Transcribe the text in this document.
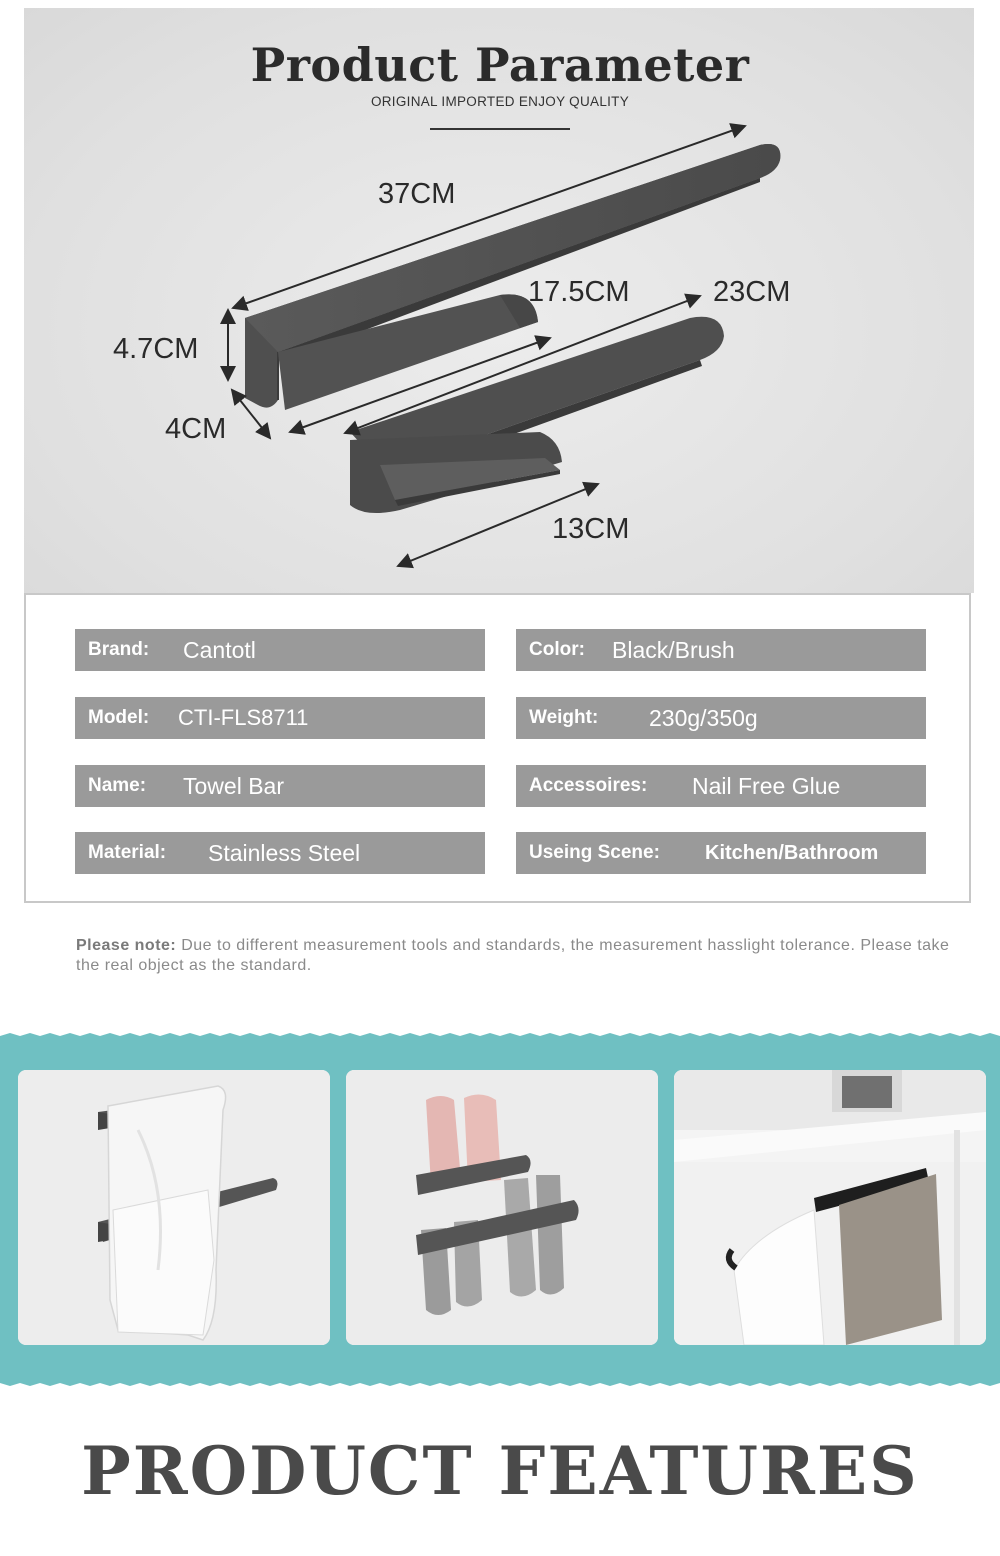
Product Parameter
ORIGINAL IMPORTED ENJOY QUALITY
37CM
17.5CM	23CM
4.7CM
4CM
13CM
Brand:	Cantotl
Model:	CTI-FLS8711
Name:	Towel Bar
Material:	Stainless Steel
Color:	Black/Brush
Weight:	230g/350g
Accessoires:	Nail Free Glue
Useing Scene:	Kitchen/Bathroom
Please note: Due to different measurement tools and standards, the measurement hasslight tolerance. Please take the real object as the standard.
PRODUCT FEATURES
